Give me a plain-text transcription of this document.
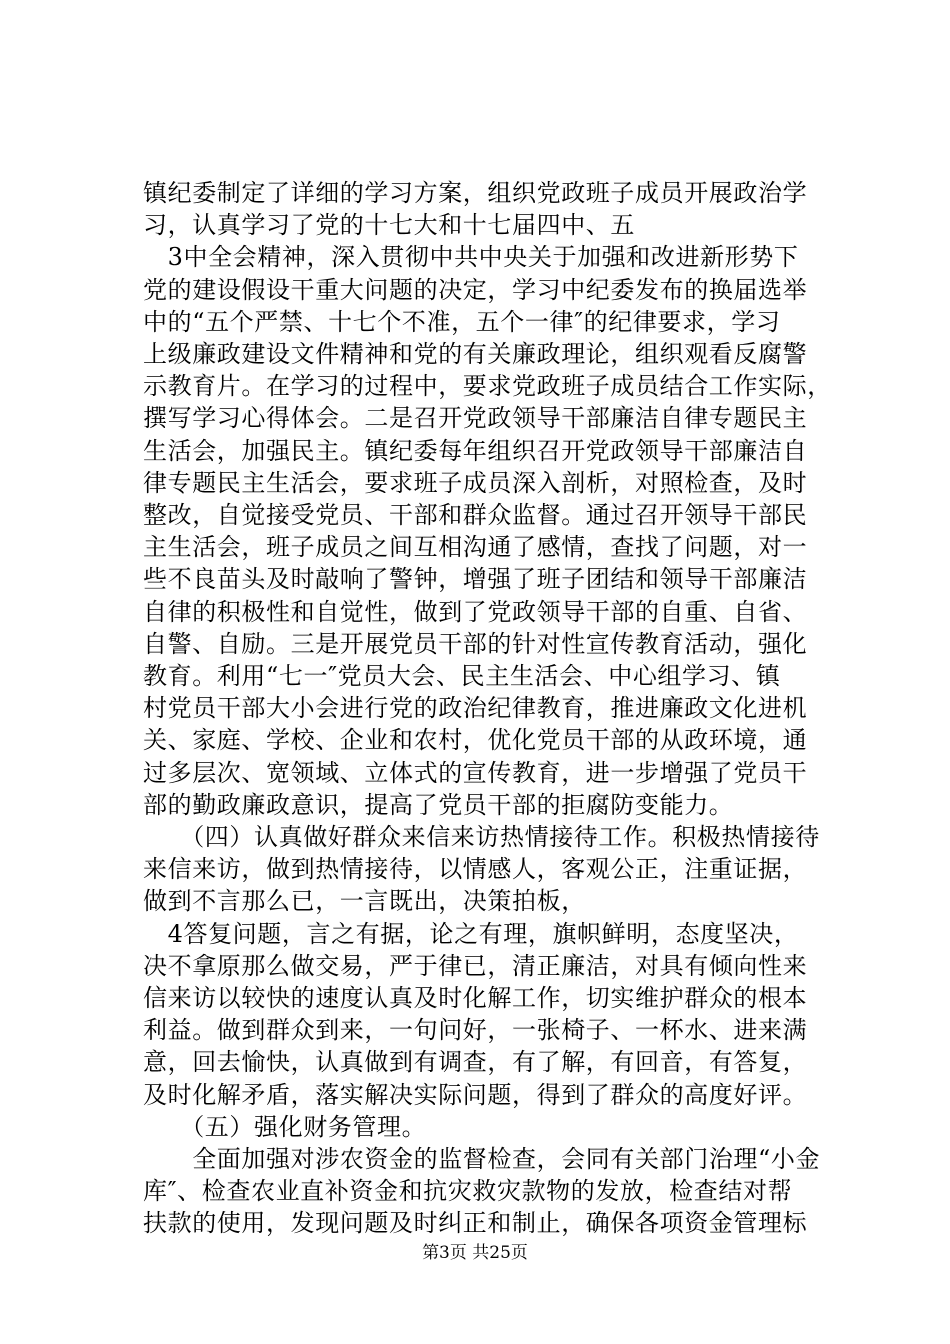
镇纪委制定了详细的学习方案，组织党政班子成员开展政治学
习，认真学习了党的十七大和十七届四中、五
　3中全会精神，深入贯彻中共中央关于加强和改进新形势下
党的建设假设干重大问题的决定，学习中纪委发布的换届选举
中的“五个严禁、十七个不准，五个一律″的纪律要求，学习
上级廉政建设文件精神和党的有关廉政理论，组织观看反腐警
示教育片。在学习的过程中，要求党政班子成员结合工作实际，
撰写学习心得体会。二是召开党政领导干部廉洁自律专题民主
生活会，加强民主。镇纪委每年组织召开党政领导干部廉洁自
律专题民主生活会，要求班子成员深入剖析，对照检查，及时
整改，自觉接受党员、干部和群众监督。通过召开领导干部民
主生活会，班子成员之间互相沟通了感情，查找了问题，对一
些不良苗头及时敲响了警钟，增强了班子团结和领导干部廉洁
自律的积极性和自觉性，做到了党政领导干部的自重、自省、
自警、自励。三是开展党员干部的针对性宣传教育活动，强化
教育。利用“七一″党员大会、民主生活会、中心组学习、镇
村党员干部大小会进行党的政治纪律教育，推进廉政文化进机
关、家庭、学校、企业和农村，优化党员干部的从政环境，通
过多层次、宽领域、立体式的宣传教育，进一步增强了党员干
部的勤政廉政意识，提高了党员干部的拒腐防变能力。
　　（四）认真做好群众来信来访热情接待工作。积极热情接待
来信来访，做到热情接待，以情感人，客观公正，注重证据，
做到不言那么已，一言既出，决策拍板，
　4答复问题，言之有据，论之有理，旗帜鲜明，态度坚决，
决不拿原那么做交易，严于律已，清正廉洁，对具有倾向性来
信来访以较快的速度认真及时化解工作，切实维护群众的根本
利益。做到群众到来，一句问好，一张椅子、一杯水、进来满
意，回去愉快，认真做到有调查，有了解，有回音，有答复，
及时化解矛盾，落实解决实际问题，得到了群众的高度好评。
　　（五）强化财务管理。
　　全面加强对涉农资金的监督检查，会同有关部门治理“小金
库″、检查农业直补资金和抗灾救灾款物的发放，检查结对帮
扶款的使用，发现问题及时纠正和制止，确保各项资金管理标
第3页 共25页
